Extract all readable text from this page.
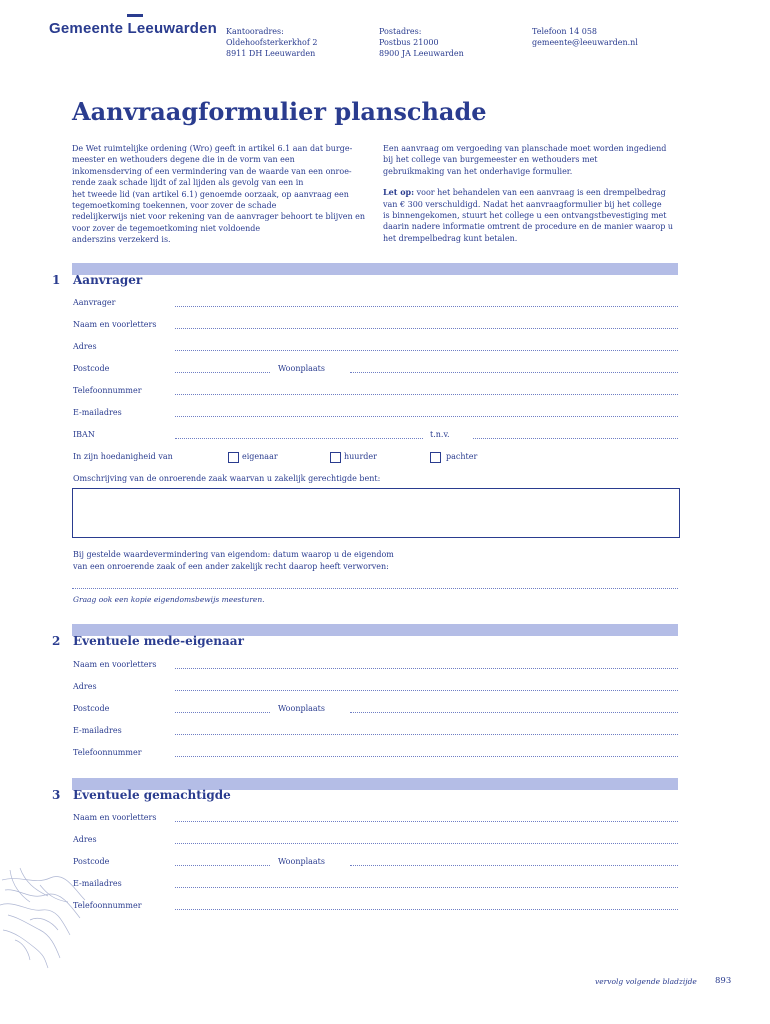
Gemeente Leeuwarden Kantooradres:
Oldehoofsterkerkhof 2
8911 DH Leeuwarden
Postadres:
Postbus 21000
8900 JA Leeuwarden
Telefoon 14 058
gemeente@leeuwarden.nl
Aanvraagformulier planschade
De Wet ruimtelijke ordening (Wro) geeft in artikel 6.1 aan dat burge-
meester en wethouders degene die in de vorm van een
inkomensderving of een vermindering van de waarde van een onroe-
rende zaak schade lijdt of zal lijden als gevolg van een in
het tweede lid (van artikel 6.1) genoemde oorzaak, op aanvraag een
tegemoetkoming toekennen, voor zover de schade
redelijkerwijs niet voor rekening van de aanvrager behoort te blijven en
voor zover de tegemoetkoming niet voldoende
anderszins verzekerd is.
Een aanvraag om vergoeding van planschade moet worden ingediend
bij het college van burgemeester en wethouders met
gebruikmaking van het onderhavige formulier.
Let op: voor het behandelen van een aanvraag is een drempelbedrag
van € 300 verschuldigd. Nadat het aanvraagformulier bij het college
is binnengekomen, stuurt het college u een ontvangstbevestiging met
daarin nadere informatie omtrent de procedure en de manier waarop u
het drempelbedrag kunt betalen.
1 Aanvrager
Aanvrager
Naam en voorletters
Adres
Postcode	Woonplaats
Telefoonnummer
E-mailadres
IBAN	t.n.v.
In zijn hoedanigheid van	eigenaar	huurder	pachter
Omschrijving van de onroerende zaak waarvan u zakelijk gerechtigde bent:
Bij gestelde waardevermindering van eigendom: datum waarop u de eigendom
van een onroerende zaak of een ander zakelijk recht daarop heeft verworven:
Graag ook een kopie eigendomsbewijs meesturen.
2 Eventuele mede-eigenaar
Naam en voorletters
Adres
Postcode	Woonplaats
E-mailadres
Telefoonnummer
3 Eventuele gemachtigde
Naam en voorletters
Adres
Postcode	Woonplaats
E-mailadres
Telefoonnummer
vervolg volgende bladzijde 893
